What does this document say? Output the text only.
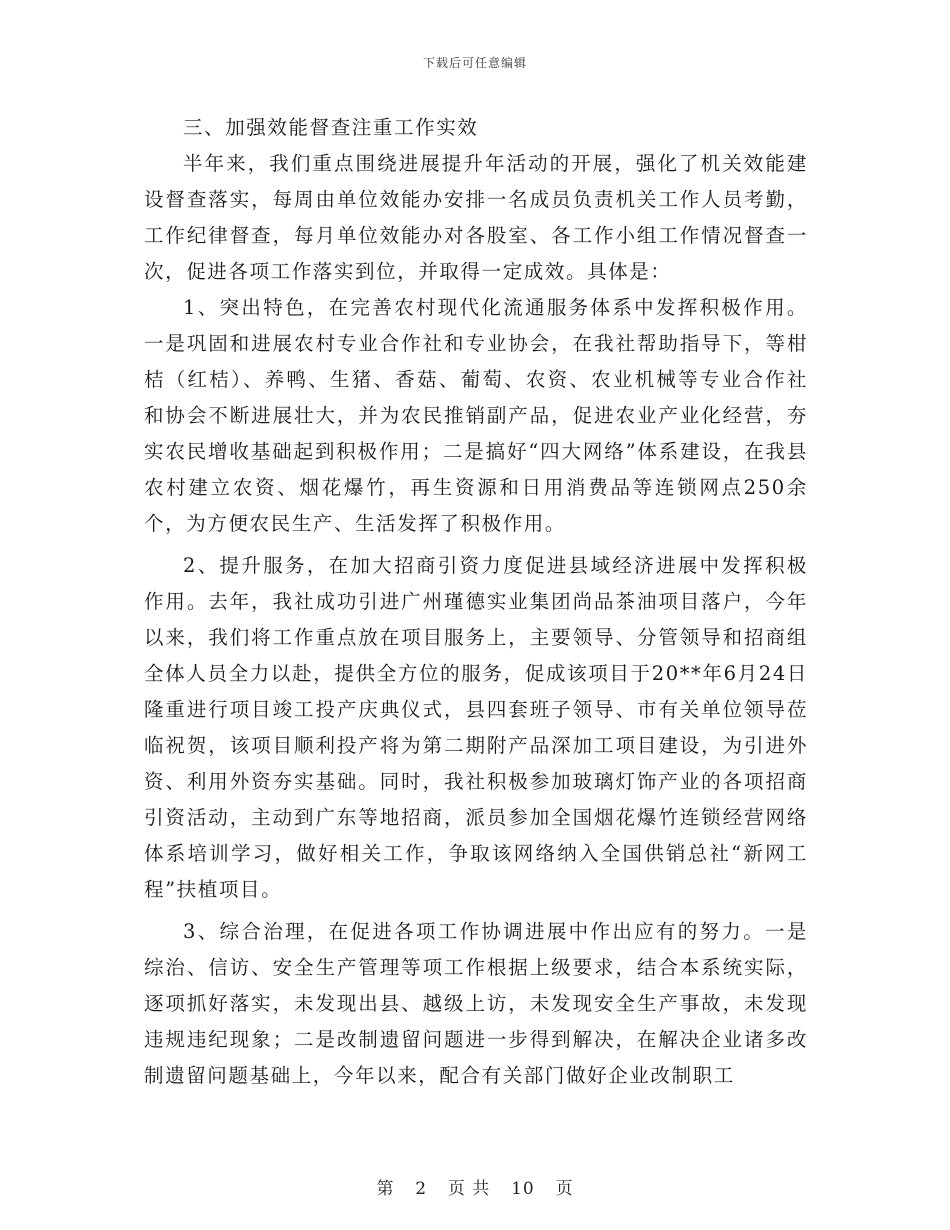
下载后可任意编辑

三、加强效能督查注重工作实效

半年来，我们重点围绕进展提升年活动的开展，强化了机关效能建设督查落实，每周由单位效能办安排一名成员负责机关工作人员考勤，工作纪律督查，每月单位效能办对各股室、各工作小组工作情况督查一次，促进各项工作落实到位，并取得一定成效。具体是：

1、突出特色，在完善农村现代化流通服务体系中发挥积极作用。一是巩固和进展农村专业合作社和专业协会，在我社帮助指导下，等柑桔（红桔）、养鸭、生猪、香菇、葡萄、农资、农业机械等专业合作社和协会不断进展壮大，并为农民推销副产品，促进农业产业化经营，夯实农民增收基础起到积极作用；二是搞好“四大网络”体系建设，在我县农村建立农资、烟花爆竹，再生资源和日用消费品等连锁网点250余个，为方便农民生产、生活发挥了积极作用。

2、提升服务，在加大招商引资力度促进县域经济进展中发挥积极作用。去年，我社成功引进广州瑾德实业集团尚品茶油项目落户，今年以来，我们将工作重点放在项目服务上，主要领导、分管领导和招商组全体人员全力以赴，提供全方位的服务，促成该项目于20**年6月24日隆重进行项目竣工投产庆典仪式，县四套班子领导、市有关单位领导莅临祝贺，该项目顺利投产将为第二期附产品深加工项目建设，为引进外资、利用外资夯实基础。同时，我社积极参加玻璃灯饰产业的各项招商引资活动，主动到广东等地招商，派员参加全国烟花爆竹连锁经营网络体系培训学习，做好相关工作，争取该网络纳入全国供销总社“新网工程”扶植项目。

3、综合治理，在促进各项工作协调进展中作出应有的努力。一是综治、信访、安全生产管理等项工作根据上级要求，结合本系统实际，逐项抓好落实，未发现出县、越级上访，未发现安全生产事故，未发现违规违纪现象；二是改制遗留问题进一步得到解决，在解决企业诸多改制遗留问题基础上，今年以来，配合有关部门做好企业改制职工

第 2 页 共 10 页
